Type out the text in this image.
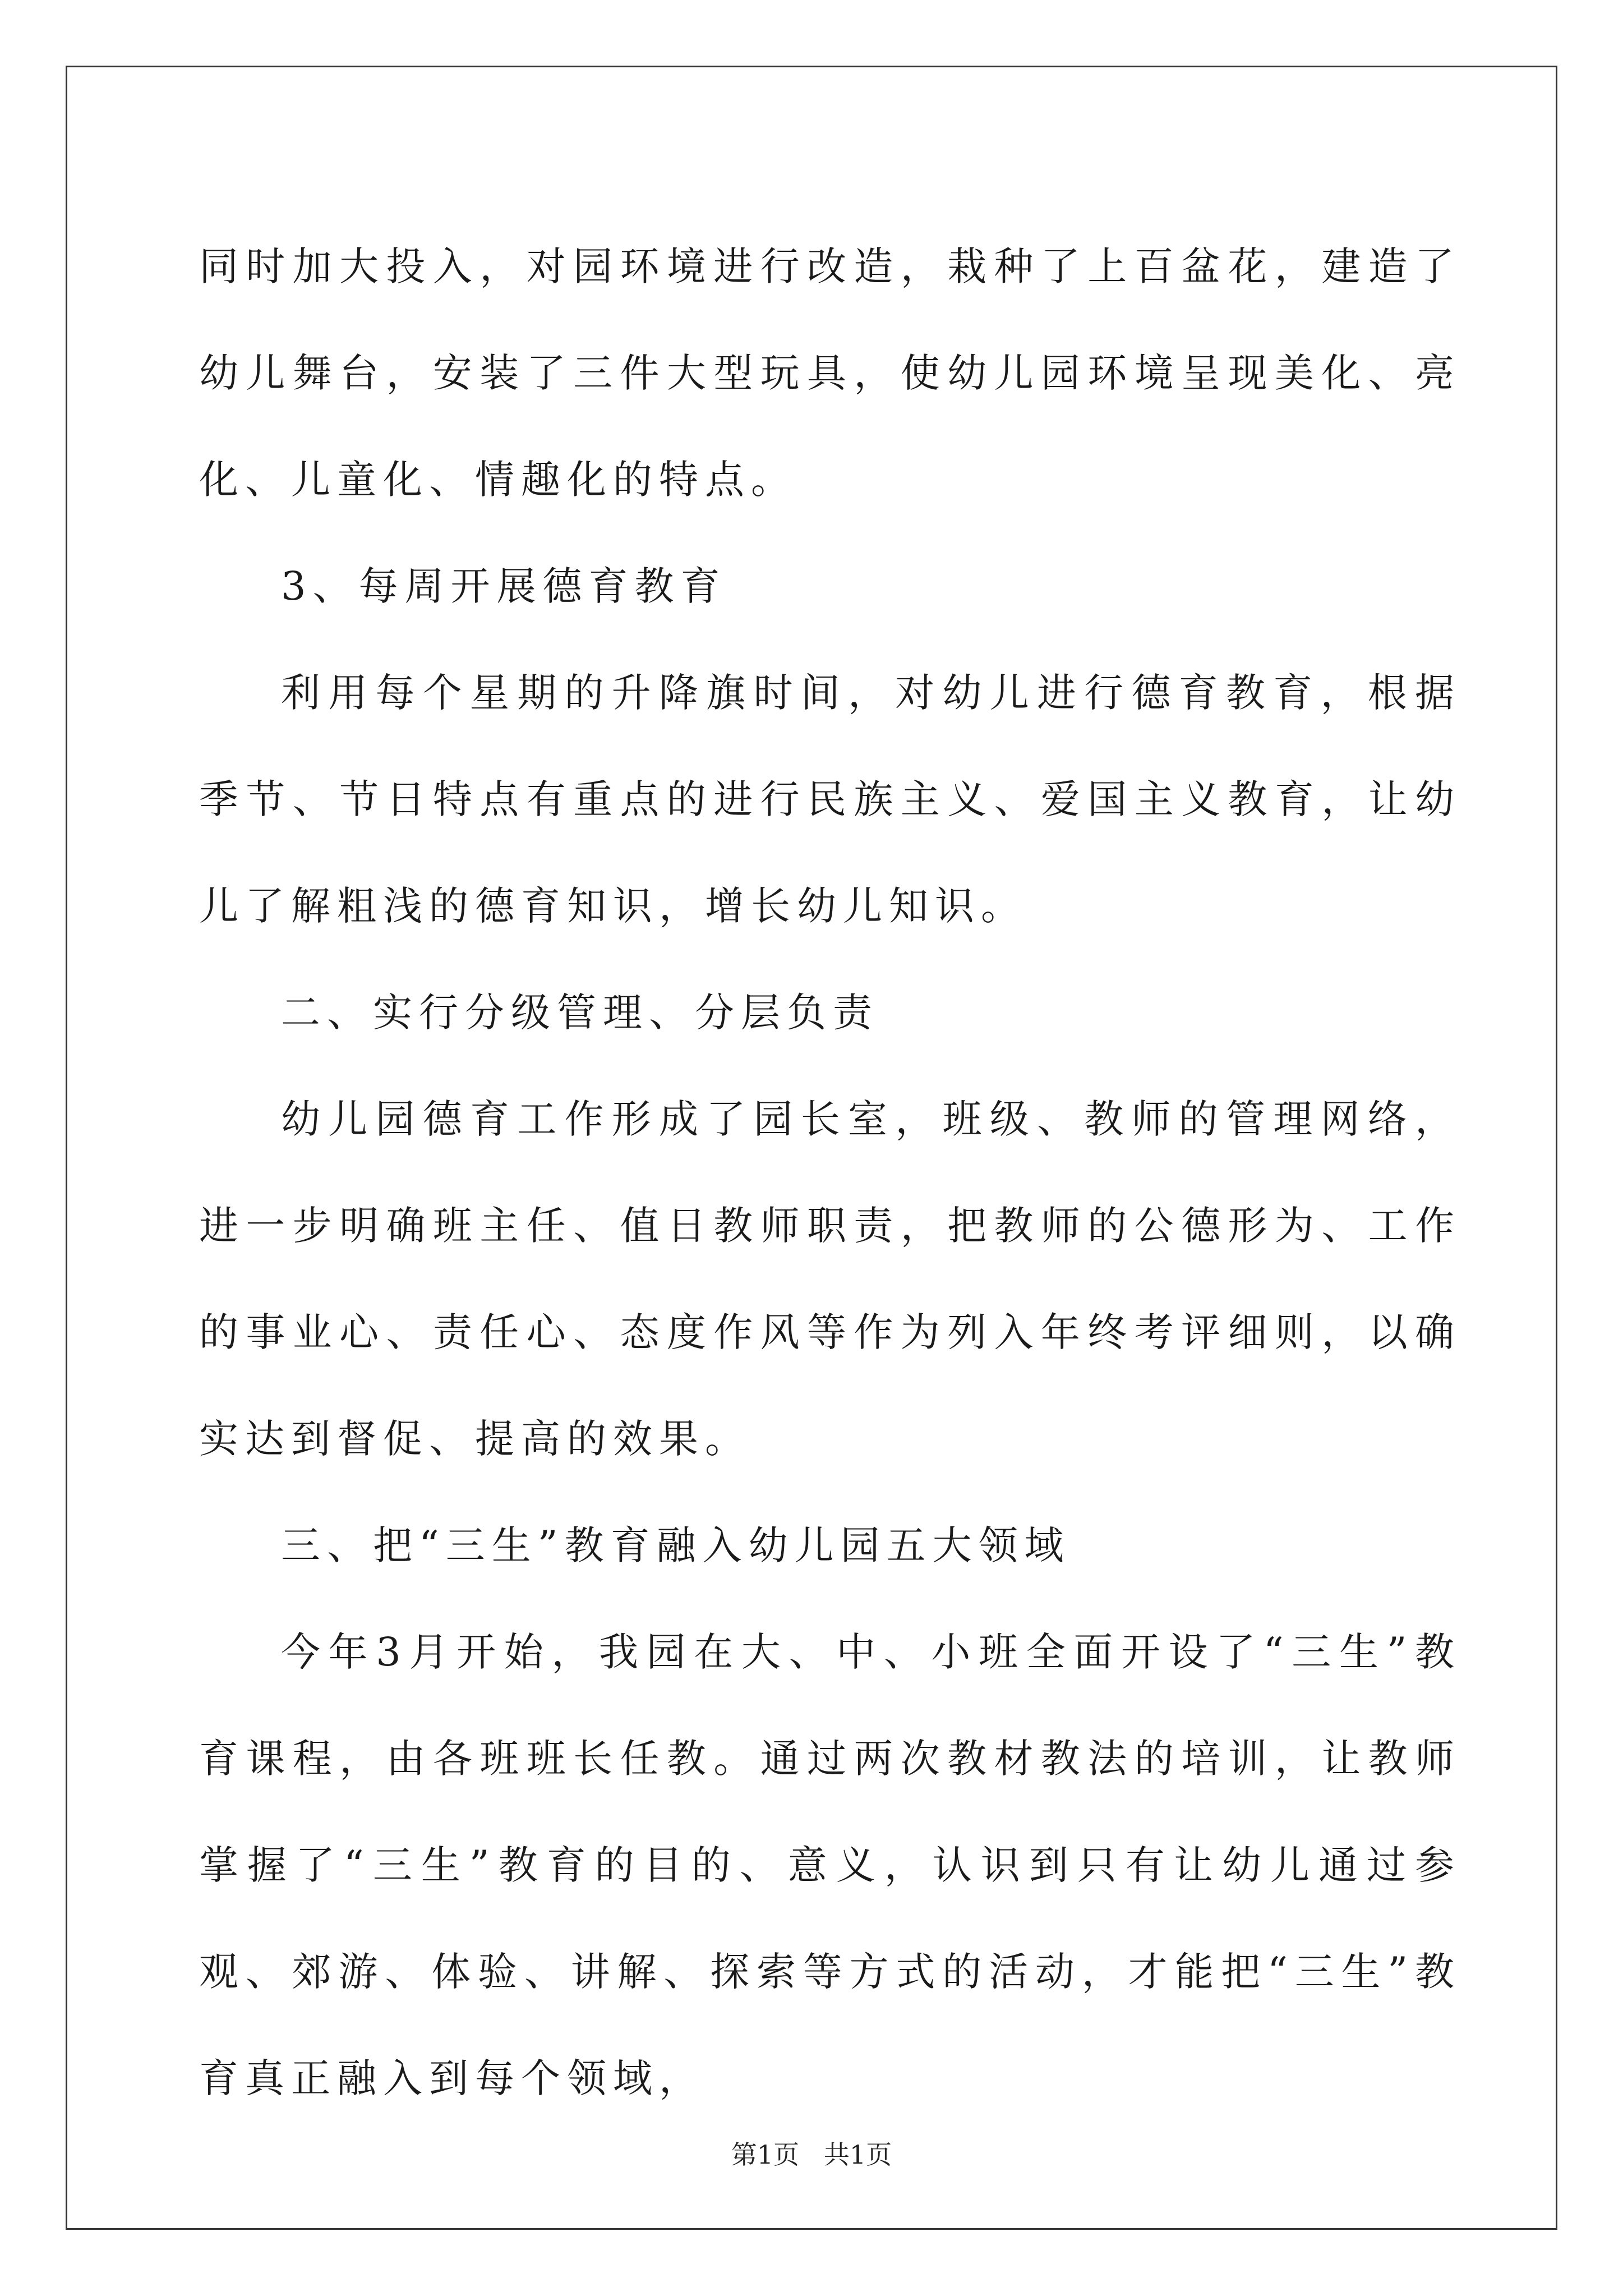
同时加大投入，对园环境进行改造，栽种了上百盆花，建造了幼儿舞台，安装了三件大型玩具，使幼儿园环境呈现美化、亮化、儿童化、情趣化的特点。

3、每周开展德育教育

利用每个星期的升降旗时间，对幼儿进行德育教育，根据季节、节日特点有重点的进行民族主义、爱国主义教育，让幼儿了解粗浅的德育知识，增长幼儿知识。

二、实行分级管理、分层负责

幼儿园德育工作形成了园长室，班级、教师的管理网络，进一步明确班主任、值日教师职责，把教师的公德形为、工作的事业心、责任心、态度作风等作为列入年终考评细则，以确实达到督促、提高的效果。

三、把“三生”教育融入幼儿园五大领域

今年3月开始，我园在大、中、小班全面开设了“三生”教育课程，由各班班长任教。通过两次教材教法的培训，让教师掌握了“三生”教育的目的、意义，认识到只有让幼儿通过参观、郊游、体验、讲解、探索等方式的活动，才能把“三生”教育真正融入到每个领域，

第1页   共1页
